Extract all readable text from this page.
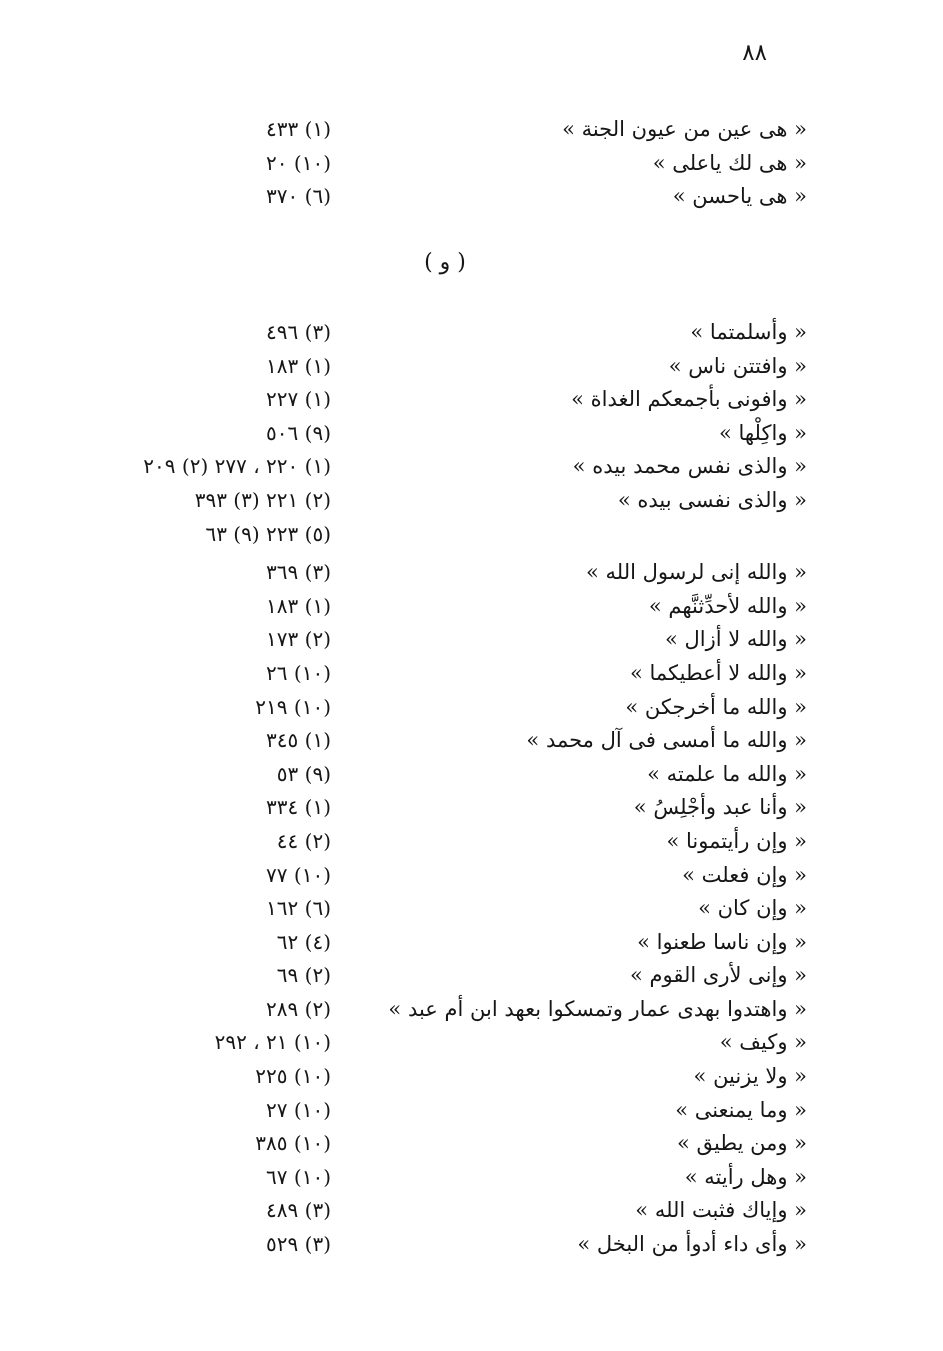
٨٨
« هى عين من عيون الجنة »
(١) ٤٣٣
« هى لك ياعلى »
(١٠) ٢٠
« هى ياحسن »
(٦) ٣٧٠
( و )
« وأسلمتما »
(٣) ٤٩٦
« وافتتن ناس »
(١) ١٨٣
« وافونى بأجمعكم الغداة »
(١) ٢٢٧
« واكِلْها »
(٩) ٥٠٦
« والذى نفس محمد بيده »
(١) ٢٢٠ ، ٢٧٧ (٢) ٢٠٩
« والذى نفسى بيده »
(٢) ٢٢١ (٣) ٣٩٣
(٥) ٢٢٣ (٩) ٦٣
« والله إنى لرسول الله »
(٣) ٣٦٩
« والله لأحدِّثنَّهم »
(١) ١٨٣
« والله لا أزال »
(٢) ١٧٣
« والله لا أعطيكما »
(١٠) ٢٦
« والله ما أخرجكن »
(١٠) ٢١٩
« والله ما أمسى فى آل محمد »
(١) ٣٤٥
« والله ما علمته »
(٩) ٥٣
« وأنا عبد وأجْلِسُ »
(١) ٣٣٤
« وإن رأيتمونا »
(٢) ٤٤
« وإن فعلت »
(١٠) ٧٧
« وإن كان »
(٦) ١٦٢
« وإن ناسا طعنوا »
(٤) ٦٢
« وإنى لأرى القوم »
(٢) ٦٩
« واهتدوا بهدى عمار وتمسكوا بعهد ابن أم عبد »
(٢) ٢٨٩
« وكيف »
(١٠) ٢١ ، ٢٩٢
« ولا يزنين »
(١٠) ٢٢٥
« وما يمنعنى »
(١٠) ٢٧
« ومن يطيق »
(١٠) ٣٨٥
« وهل رأيته »
(١٠) ٦٧
« وإياك فثبت الله »
(٣) ٤٨٩
« وأى داء أدوأ من البخل »
(٣) ٥٢٩
